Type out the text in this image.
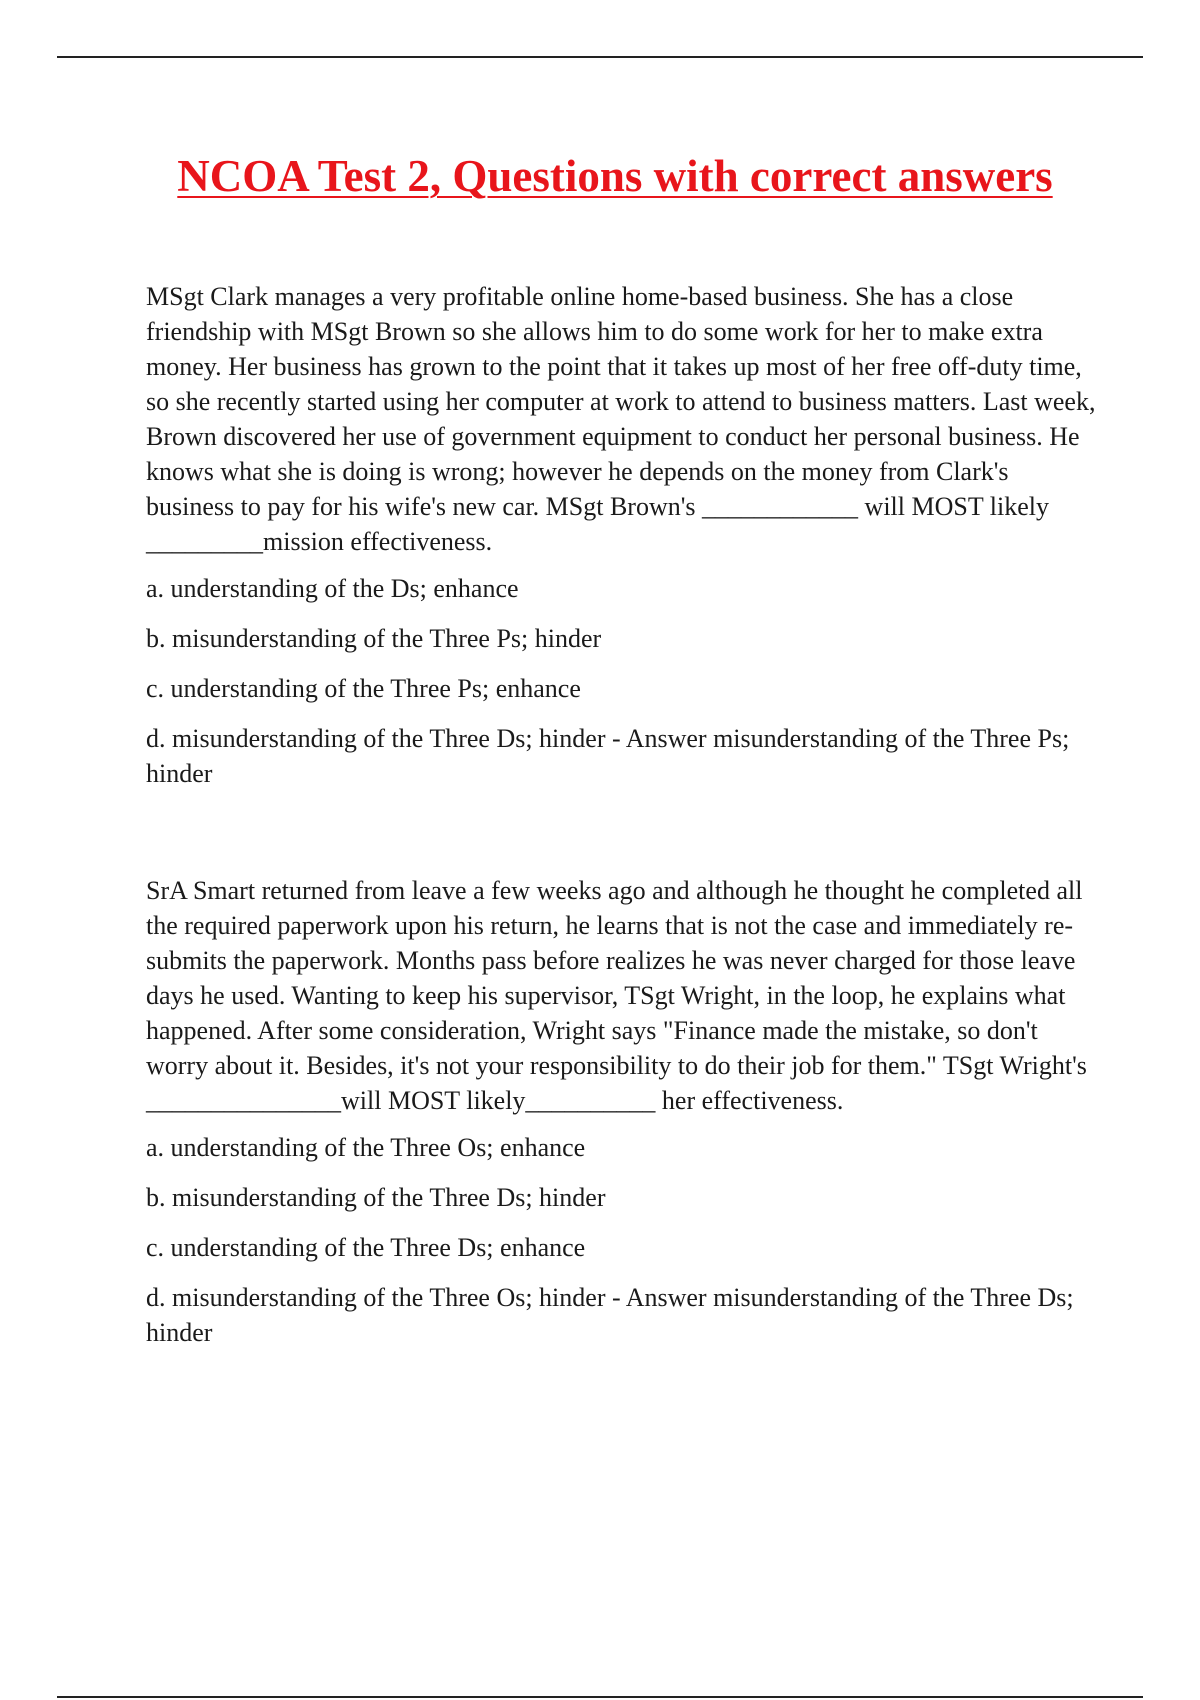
NCOA Test 2, Questions with correct answers

MSgt Clark manages a very profitable online home-based business. She has a close friendship with MSgt Brown so she allows him to do some work for her to make extra money. Her business has grown to the point that it takes up most of her free off-duty time, so she recently started using her computer at work to attend to business matters. Last week, Brown discovered her use of government equipment to conduct her personal business. He knows what she is doing is wrong; however he depends on the money from Clark's business to pay for his wife's new car. MSgt Brown's ____________ will MOST likely _________mission effectiveness.

a. understanding of the Ds; enhance

b. misunderstanding of the Three Ps; hinder

c. understanding of the Three Ps; enhance

d. misunderstanding of the Three Ds; hinder - Answer misunderstanding of the Three Ps; hinder

SrA Smart returned from leave a few weeks ago and although he thought he completed all the required paperwork upon his return, he learns that is not the case and immediately re-submits the paperwork. Months pass before realizes he was never charged for those leave days he used. Wanting to keep his supervisor, TSgt Wright, in the loop, he explains what happened. After some consideration, Wright says "Finance made the mistake, so don't worry about it. Besides, it's not your responsibility to do their job for them." TSgt Wright's _______________will MOST likely__________ her effectiveness.

a. understanding of the Three Os; enhance

b. misunderstanding of the Three Ds; hinder

c. understanding of the Three Ds; enhance

d. misunderstanding of the Three Os; hinder - Answer misunderstanding of the Three Ds; hinder
